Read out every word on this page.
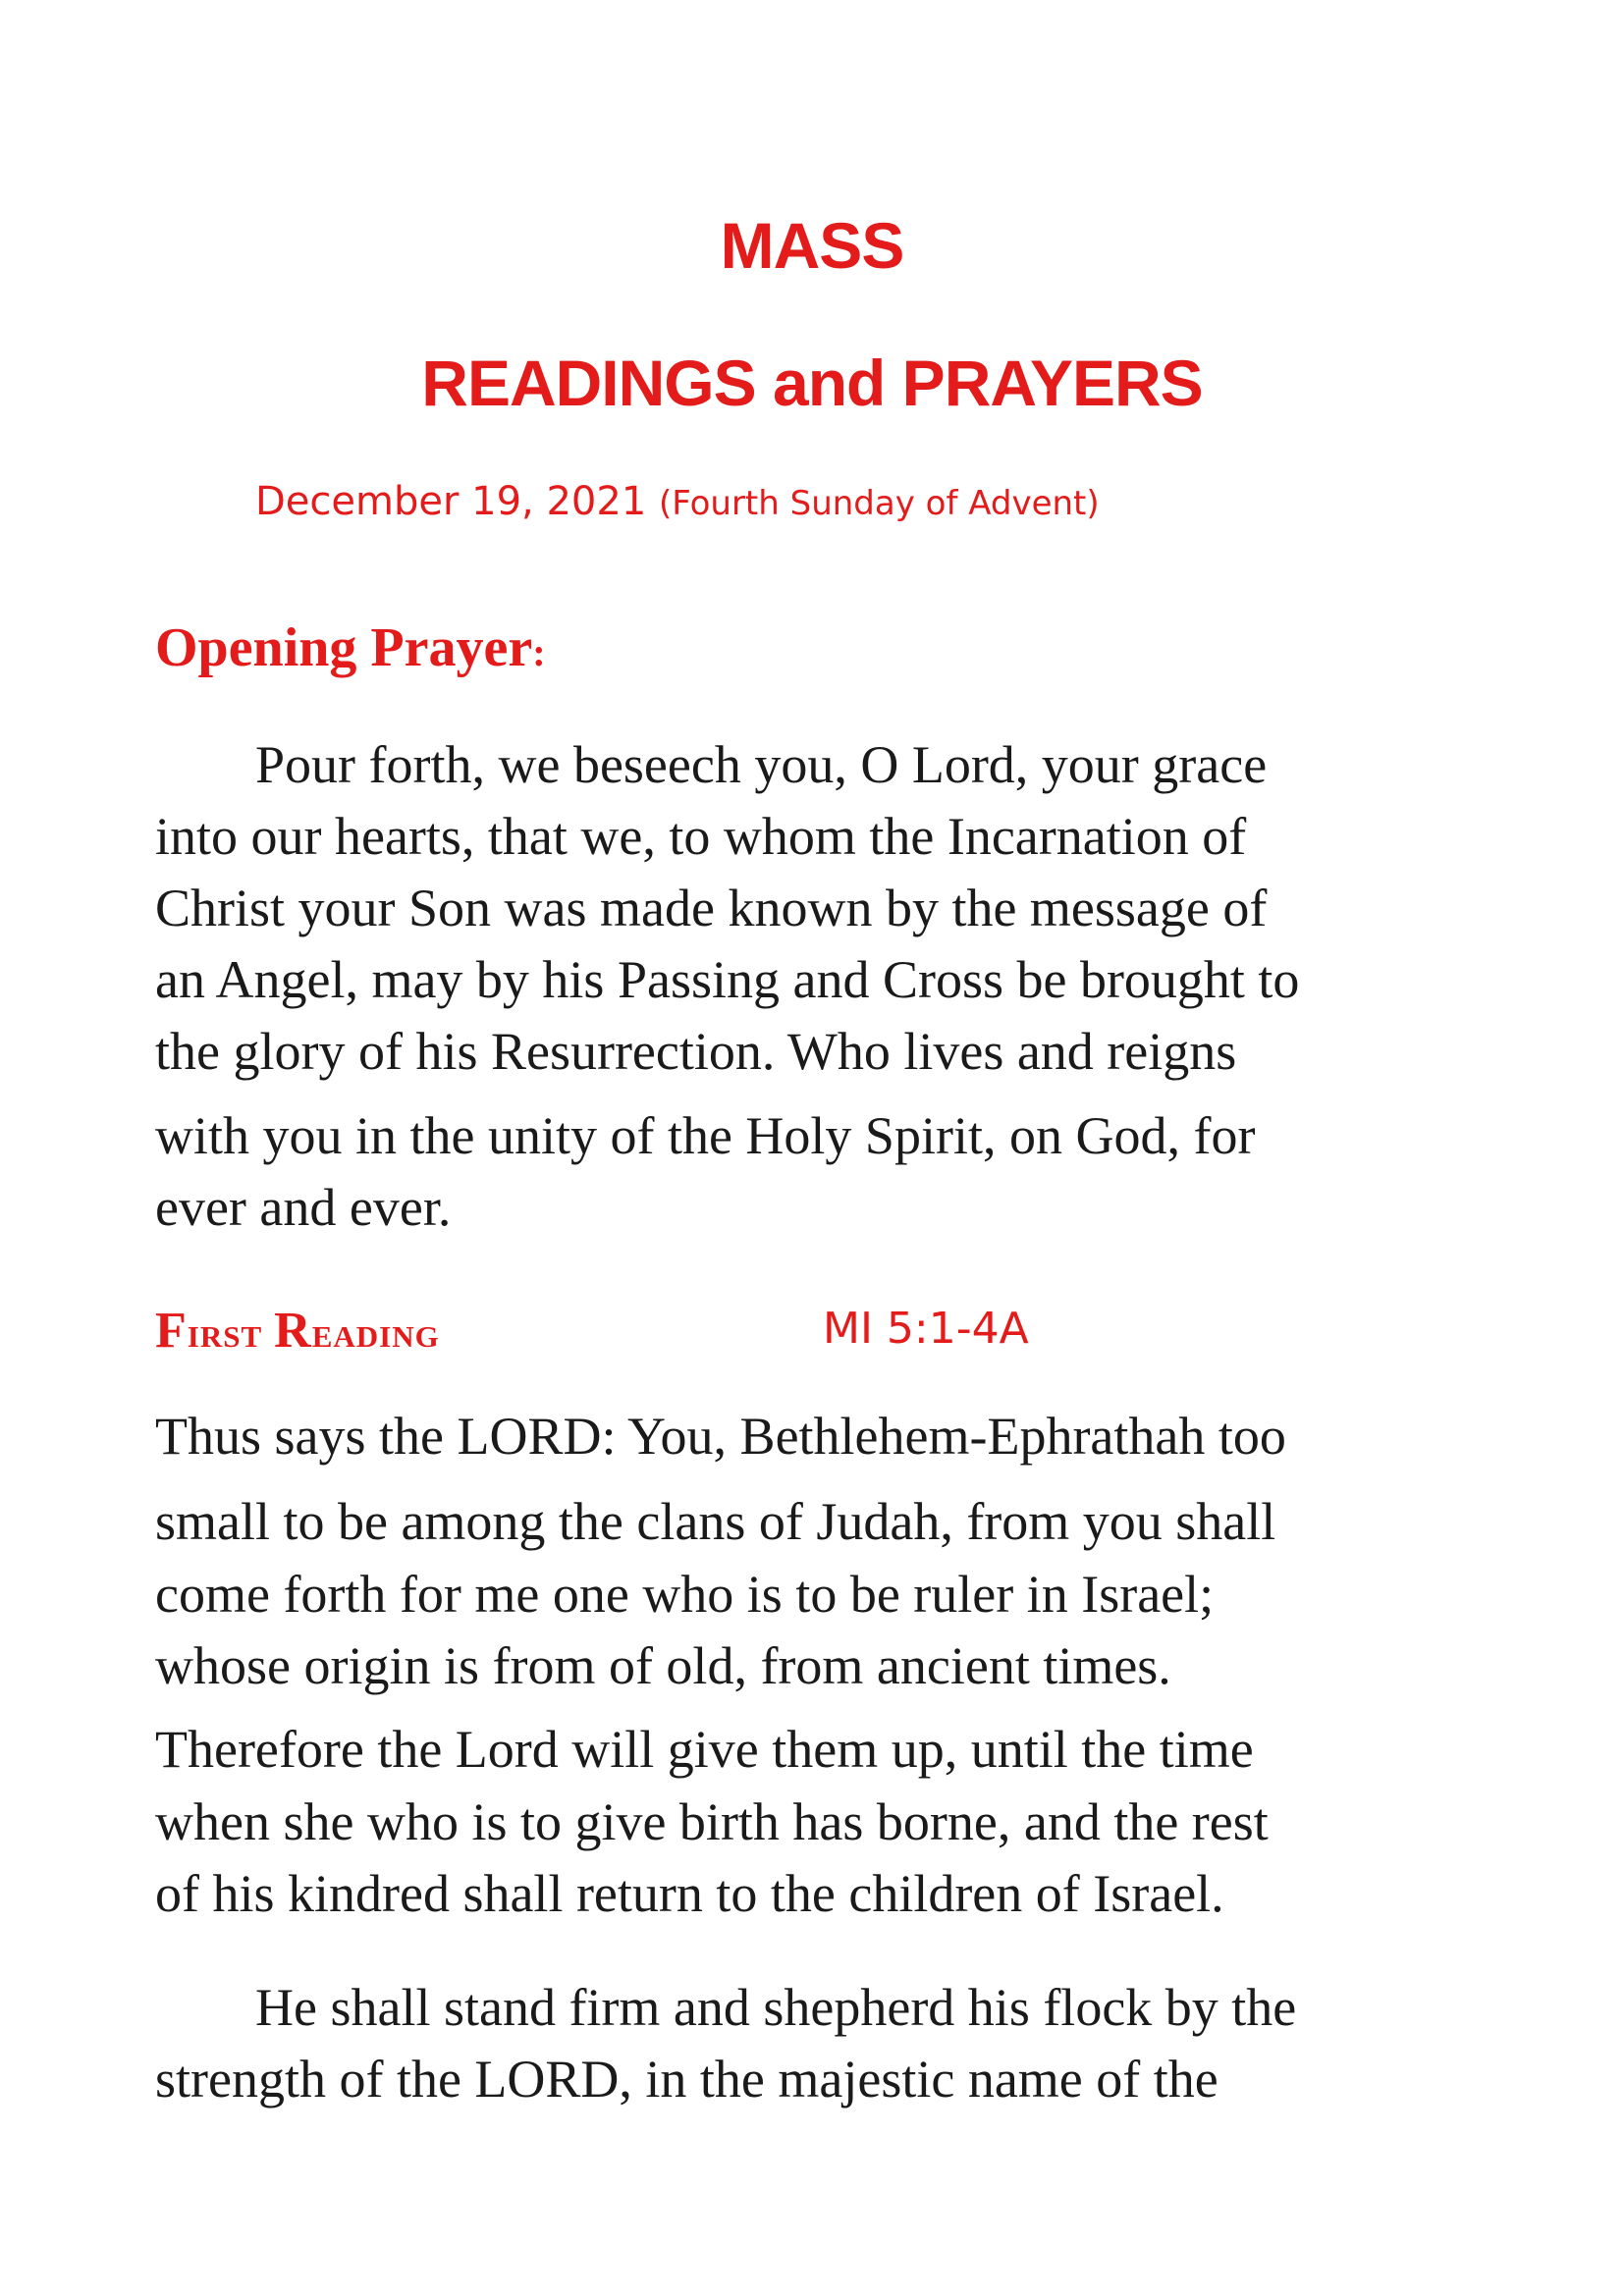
MASS
READINGS and PRAYERS

December 19, 2021 (Fourth Sunday of Advent)

Opening Prayer:

Pour forth, we beseech you, O Lord, your grace

into our hearts, that we, to whom the Incarnation of

Christ your Son was made known by the message of

an Angel, may by his Passing and Cross be brought to

the glory of his Resurrection. Who lives and reigns

with you in the unity of the Holy Spirit, on God, for

ever and ever.

First Reading	MI 5:1-4A

Thus says the LORD: You, Bethlehem-Ephrathah too

small to be among the clans of Judah, from you shall

come forth for me one who is to be ruler in Israel;

whose origin is from of old, from ancient times.

Therefore the Lord will give them up, until the time

when she who is to give birth has borne, and the rest

of his kindred shall return to the children of Israel.

He shall stand firm and shepherd his flock by the

strength of the LORD, in the majestic name of the
